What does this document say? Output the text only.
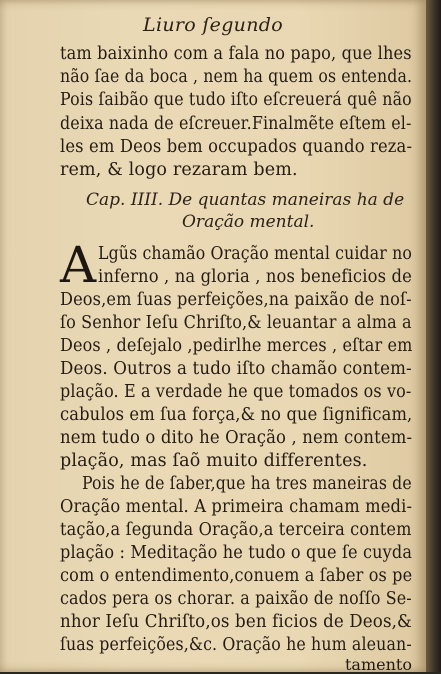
Liuro ſegundo
tam baixinho com a fala no papo, que lhes
não ſae da boca , nem ha quem os entenda.
Pois ſaibão que tudo iſto eſcreuerá quê não
deixa nada de eſcreuer.Finalmẽte eſtem el-
les em Deos bem occupados quando reza-
rem, & logo rezaram bem.
Cap. IIII. De quantas maneiras ha de
Oração mental.
A Lgũs chamão Oração mental cuidar no
inferno , na gloria , nos beneficios de
Deos,em ſuas perfeições,na paixão de noſ-
ſo Senhor Ieſu Chriſto,& leuantar a alma a
Deos , deſejalo ,pedirlhe merces , eſtar em
Deos. Outros a tudo iſto chamão contem-
plação. E a verdade he que tomados os vo-
cabulos em ſua força,& no que ſignificam,
nem tudo o dito he Oração , nem contem-
plação, mas ſaõ muito differentes.
Pois he de ſaber,que ha tres maneiras de
Oração mental. A primeira chamam medi-
tação,a ſegunda Oração,a terceira contem
plação : Meditação he tudo o que ſe cuyda
com o entendimento,conuem a ſaber os pe
cados pera os chorar. a paixão de noſſo Se-
nhor Ieſu Chriſto,os ben ficios de Deos,&
ſuas perfeições,&c. Oração he hum aleuan-
tamento
